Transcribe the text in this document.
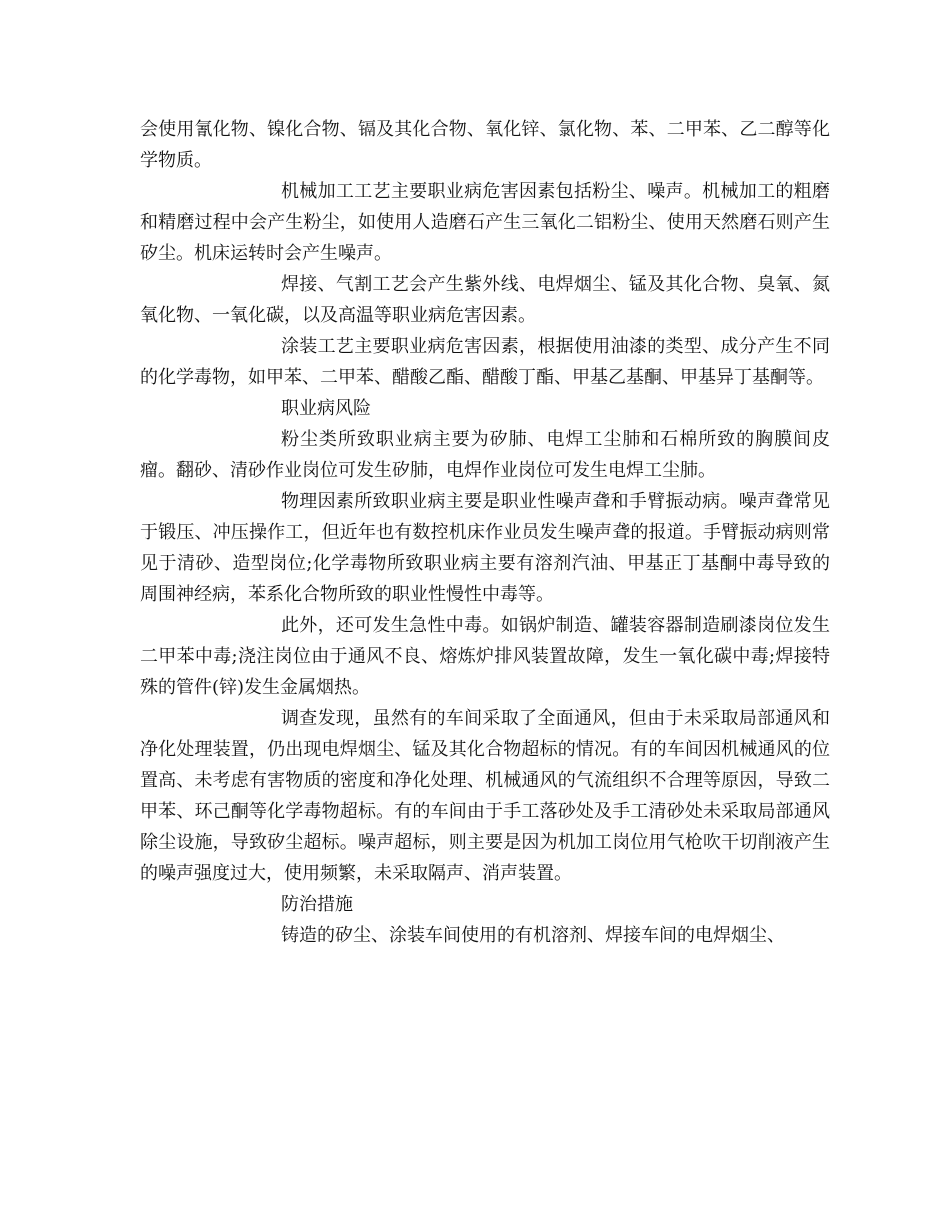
会使用氰化物、镍化合物、镉及其化合物、氧化锌、氯化物、苯、二甲苯、乙二醇等化学物质。

机械加工工艺主要职业病危害因素包括粉尘、噪声。机械加工的粗磨和精磨过程中会产生粉尘，如使用人造磨石产生三氧化二铝粉尘、使用天然磨石则产生矽尘。机床运转时会产生噪声。

焊接、气割工艺会产生紫外线、电焊烟尘、锰及其化合物、臭氧、氮氧化物、一氧化碳，以及高温等职业病危害因素。

涂装工艺主要职业病危害因素，根据使用油漆的类型、成分产生不同的化学毒物，如甲苯、二甲苯、醋酸乙酯、醋酸丁酯、甲基乙基酮、甲基异丁基酮等。

职业病风险

粉尘类所致职业病主要为矽肺、电焊工尘肺和石棉所致的胸膜间皮瘤。翻砂、清砂作业岗位可发生矽肺，电焊作业岗位可发生电焊工尘肺。

物理因素所致职业病主要是职业性噪声聋和手臂振动病。噪声聋常见于锻压、冲压操作工，但近年也有数控机床作业员发生噪声聋的报道。手臂振动病则常见于清砂、造型岗位;化学毒物所致职业病主要有溶剂汽油、甲基正丁基酮中毒导致的周围神经病，苯系化合物所致的职业性慢性中毒等。

此外，还可发生急性中毒。如锅炉制造、罐装容器制造刷漆岗位发生二甲苯中毒;浇注岗位由于通风不良、熔炼炉排风装置故障，发生一氧化碳中毒;焊接特殊的管件(锌)发生金属烟热。

调查发现，虽然有的车间采取了全面通风，但由于未采取局部通风和净化处理装置，仍出现电焊烟尘、锰及其化合物超标的情况。有的车间因机械通风的位置高、未考虑有害物质的密度和净化处理、机械通风的气流组织不合理等原因，导致二甲苯、环己酮等化学毒物超标。有的车间由于手工落砂处及手工清砂处未采取局部通风除尘设施，导致矽尘超标。噪声超标，则主要是因为机加工岗位用气枪吹干切削液产生的噪声强度过大，使用频繁，未采取隔声、消声装置。

防治措施

铸造的矽尘、涂装车间使用的有机溶剂、焊接车间的电焊烟尘、
